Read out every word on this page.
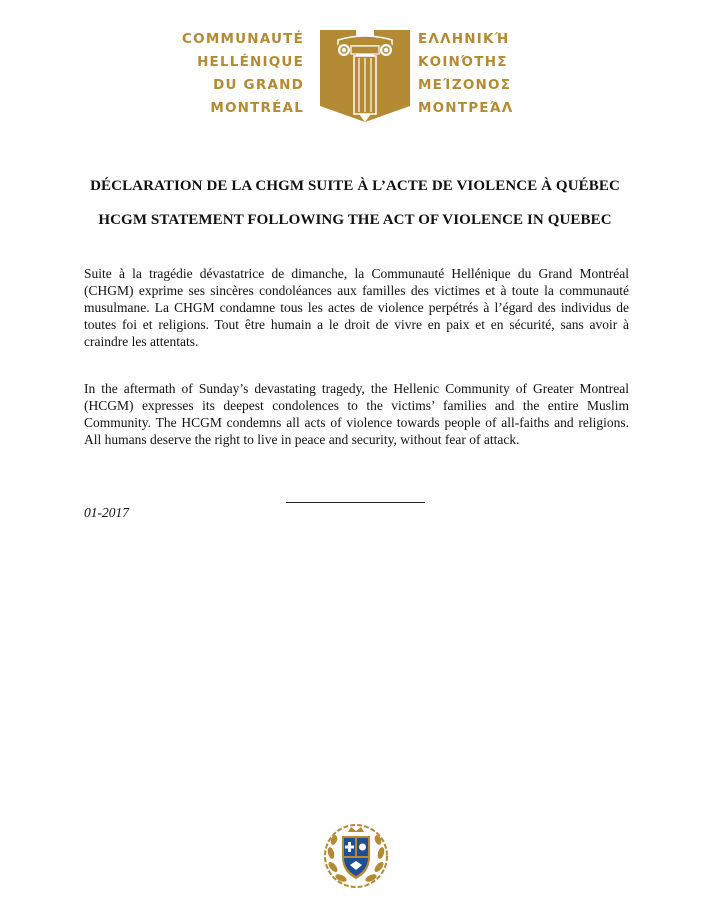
COMMUNAUTÉ
HELLÉNIQUE
DU GRAND
MONTRÉAL
ΕΛΛΗΝΙΚΉ
ΚΟΙΝΌΤΗΣ
ΜΕΊΖΟΝΟΣ
ΜΟΝΤΡΕΆΛ
DÉCLARATION DE LA CHGM SUITE À L’ACTE DE VIOLENCE À QUÉBEC
HCGM STATEMENT FOLLOWING THE ACT OF VIOLENCE IN QUEBEC
Suite à la tragédie dévastatrice de dimanche, la Communauté Hellénique du Grand Montréal (CHGM) exprime ses sincères condoléances aux familles des victimes et à toute la communauté musulmane. La CHGM condamne tous les actes de violence perpétrés à l’égard des individus de toutes foi et religions. Tout être humain a le droit de vivre en paix et en sécurité, sans avoir à craindre les attentats.
In the aftermath of Sunday’s devastating tragedy, the Hellenic Community of Greater Montreal (HCGM) expresses its deepest condolences to the victims’ families and the entire Muslim Community. The HCGM condemns all acts of violence towards people of all-faiths and religions. All humans deserve the right to live in peace and security, without fear of attack.
01-2017
